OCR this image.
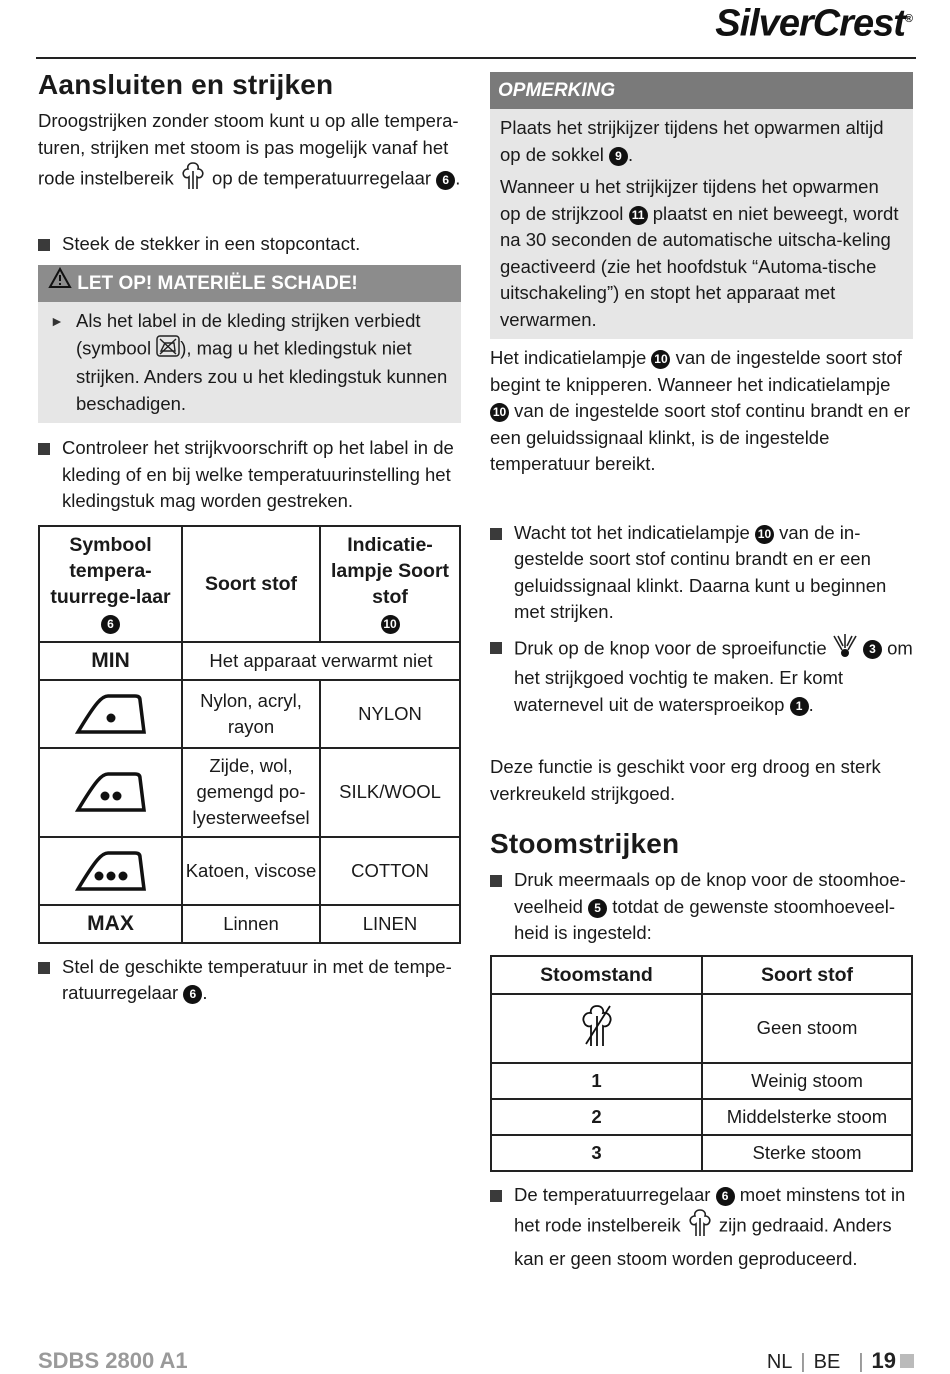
SilverCrest®
Aansluiten en strijken

Droogstrijken zonder stoom kunt u op alle tempera-turen, strijken met stoom is pas mogelijk vanaf het rode instelbereik op de temperatuurregelaar 6 .

Steek de stekker in een stopcontact.
LET OP! MATERIËLE SCHADE!
► Als het label in de kleding strijken verbiedt (symbool ), mag u het kledingstuk niet strijken. Anders zou u het kledingstuk kunnen beschadigen.
Controleer het strijkvoorschrift op het label in de kleding of en bij welke temperatuurinstelling het kledingstuk mag worden gestreken.
Symbool tempera-tuurrege-laar 6	Soort stof	Indicatie-lampje Soort stof
10
MIN	Het apparaat verwarmt niet	

	Nylon, acryl, rayon	NYLON

	Zijde, wol, gemengd po-lyesterweefsel	SILK/WOOL

	Katoen, viscose	COTTON
MAX	Linnen	LINEN
Stel de geschikte temperatuur in met de tempe-ratuurregelaar 6 .
OPMERKING

Plaats het strijkijzer tijdens het opwarmen altijd op de sokkel 9 .

Wanneer u het strijkijzer tijdens het opwarmen op de strijkzool 11 plaatst en niet beweegt, wordt na 30 seconden de automatische uitscha-keling geactiveerd (zie het hoofdstuk “Automa-tische uitschakeling”) en stopt het apparaat met verwarmen.

Het indicatielampje 10 van de ingestelde soort stof begint te knipperen. Wanneer het indicatielampje 10 van de ingestelde soort stof continu brandt en er een geluidssignaal klinkt, is de ingestelde temperatuur bereikt.

Wacht tot het indicatielampje 10 van de in-gestelde soort stof continu brandt en er een geluidssignaal klinkt. Daarna kunt u beginnen met strijken.
Druk op de knop voor de sproeifunctie	3 om het strijkgoed vochtig te maken. Er komt waternevel uit de watersproeikop 1 .

Deze functie is geschikt voor erg droog en sterk verkreukeld strijkgoed.

Stoomstrijken
Druk meermaals op de knop voor de stoomhoe-veelheid 5 totdat de gewenste stoomhoeveel-heid is ingesteld:
Stoomstand	Soort stof
	Geen stoom
1	Weinig stoom
2	Middelsterke stoom
3	Sterke stoom
De temperatuurregelaar 6 moet minstens tot in het rode instelbereik zijn gedraaid. Anders kan er geen stoom worden geproduceerd.
SDBS 2800 A1	NL | BE | 19
